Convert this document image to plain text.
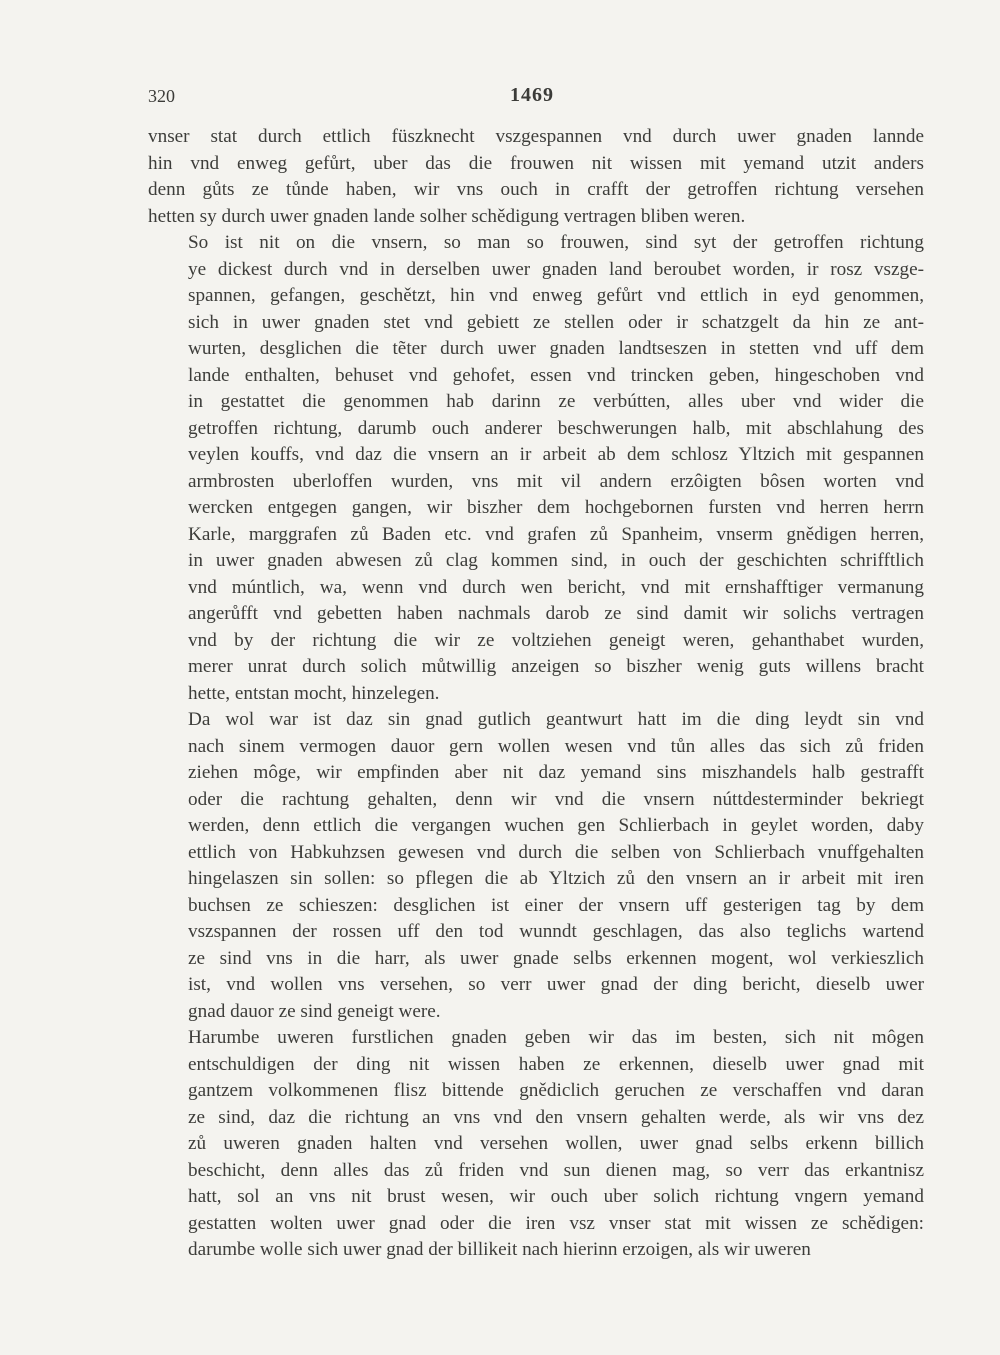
320	1469
vnser stat durch ettlich füszknecht vszgespannen vnd durch uwer gnaden lannde
hin vnd enweg gefůrt, uber das die frouwen nit wissen mit yemand utzit anders
denn gůts ze tůnde haben, wir vns ouch in crafft der getroffen richtung versehen
hetten sy durch uwer gnaden lande solher schědigung vertragen bliben weren.
So ist nit on die vnsern, so man so frouwen, sind syt der getroffen richtung
ye dickest durch vnd in derselben uwer gnaden land beroubet worden, ir rosz vszge-
spannen, gefangen, geschětzt, hin vnd enweg gefůrt vnd ettlich in eyd genommen,
sich in uwer gnaden stet vnd gebiett ze stellen oder ir schatzgelt da hin ze ant-
wurten, desglichen die tẽter durch uwer gnaden landtseszen in stetten vnd uff dem
lande enthalten, behuset vnd gehofet, essen vnd trincken geben, hingeschoben vnd
in gestattet die genommen hab darinn ze verbútten, alles uber vnd wider die
getroffen richtung, darumb ouch anderer beschwerungen halb, mit abschlahung des
veylen kouffs, vnd daz die vnsern an ir arbeit ab dem schlosz Yltzich mit gespannen
armbrosten uberloffen wurden, vns mit vil andern erzôigten bôsen worten vnd
wercken entgegen gangen, wir biszher dem hochgebornen fursten vnd herren herrn
Karle, marggrafen zů Baden etc. vnd grafen zů Spanheim, vnserm gnědigen herren,
in uwer gnaden abwesen zů clag kommen sind, in ouch der geschichten schrifftlich
vnd múntlich, wa, wenn vnd durch wen bericht, vnd mit ernshafftiger vermanung
angerůfft vnd gebetten haben nachmals darob ze sind damit wir solichs vertragen
vnd by der richtung die wir ze voltziehen geneigt weren, gehanthabet wurden,
merer unrat durch solich můtwillig anzeigen so biszher wenig guts willens bracht
hette, entstan mocht, hinzelegen.
Da wol war ist daz sin gnad gutlich geantwurt hatt im die ding leydt sin vnd
nach sinem vermogen dauor gern wollen wesen vnd tůn alles das sich zů friden
ziehen môge, wir empfinden aber nit daz yemand sins miszhandels halb gestrafft
oder die rachtung gehalten, denn wir vnd die vnsern núttdesterminder bekriegt
werden, denn ettlich die vergangen wuchen gen Schlierbach in geylet worden, daby
ettlich von Habkuhzsen gewesen vnd durch die selben von Schlierbach vnuffgehalten
hingelaszen sin sollen: so pflegen die ab Yltzich zů den vnsern an ir arbeit mit iren
buchsen ze schieszen: desglichen ist einer der vnsern uff gesterigen tag by dem
vszspannen der rossen uff den tod wunndt geschlagen, das also teglichs wartend
ze sind vns in die harr, als uwer gnade selbs erkennen mogent, wol verkieszlich
ist, vnd wollen vns versehen, so verr uwer gnad der ding bericht, dieselb uwer
gnad dauor ze sind geneigt were.
Harumbe uweren furstlichen gnaden geben wir das im besten, sich nit môgen
entschuldigen der ding nit wissen haben ze erkennen, dieselb uwer gnad mit
gantzem volkommenen flisz bittende gnědiclich geruchen ze verschaffen vnd daran
ze sind, daz die richtung an vns vnd den vnsern gehalten werde, als wir vns dez
zů uweren gnaden halten vnd versehen wollen, uwer gnad selbs erkenn billich
beschicht, denn alles das zů friden vnd sun dienen mag, so verr das erkantnisz
hatt, sol an vns nit brust wesen, wir ouch uber solich richtung vngern yemand
gestatten wolten uwer gnad oder die iren vsz vnser stat mit wissen ze schědigen:
darumbe wolle sich uwer gnad der billikeit nach hierinn erzoigen, als wir uweren
